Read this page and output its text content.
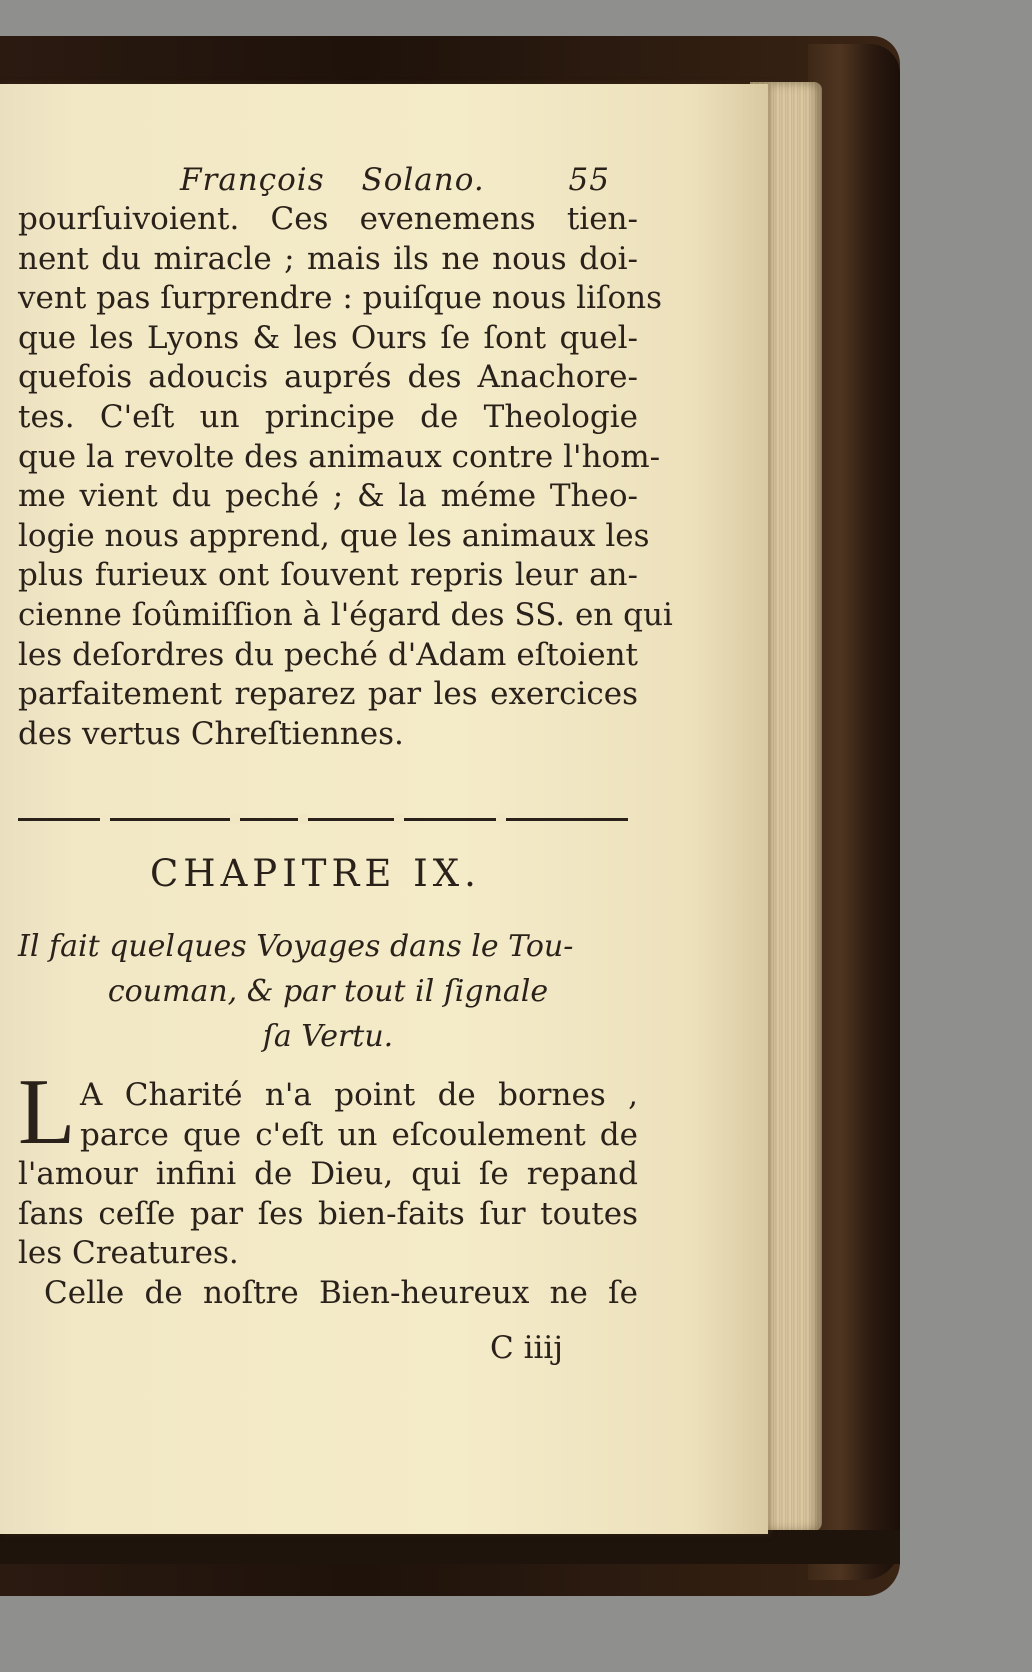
François Solano.	55
pourſuivoient. Ces evenemens tien-
nent du miracle ; mais ils ne nous doi-
vent pas ſurprendre : puiſque nous liſons
que les Lyons & les Ours ſe ſont quel-
quefois adoucis auprés des Anachore-
tes. C'eſt un principe de Theologie
que la revolte des animaux contre l'hom-
me vient du peché ; & la méme Theo-
logie nous apprend, que les animaux les
plus furieux ont ſouvent repris leur an-
cienne ſoûmiſſion à l'égard des SS. en qui
les deſordres du peché d'Adam eſtoient
parfaitement reparez par les exercices
des vertus Chreſtiennes.
CHAPITRE IX.
Il fait quelques Voyages dans le Tou-
couman, & par tout il ſignale
ſa Vertu.
L A Charité n'a point de bornes ,
parce que c'eſt un eſcoulement de
l'amour infini de Dieu, qui ſe repand
ſans ceſſe par ſes bien-faits ſur toutes
les Creatures.
Celle de noſtre Bien-heureux ne ſe
C iiij
